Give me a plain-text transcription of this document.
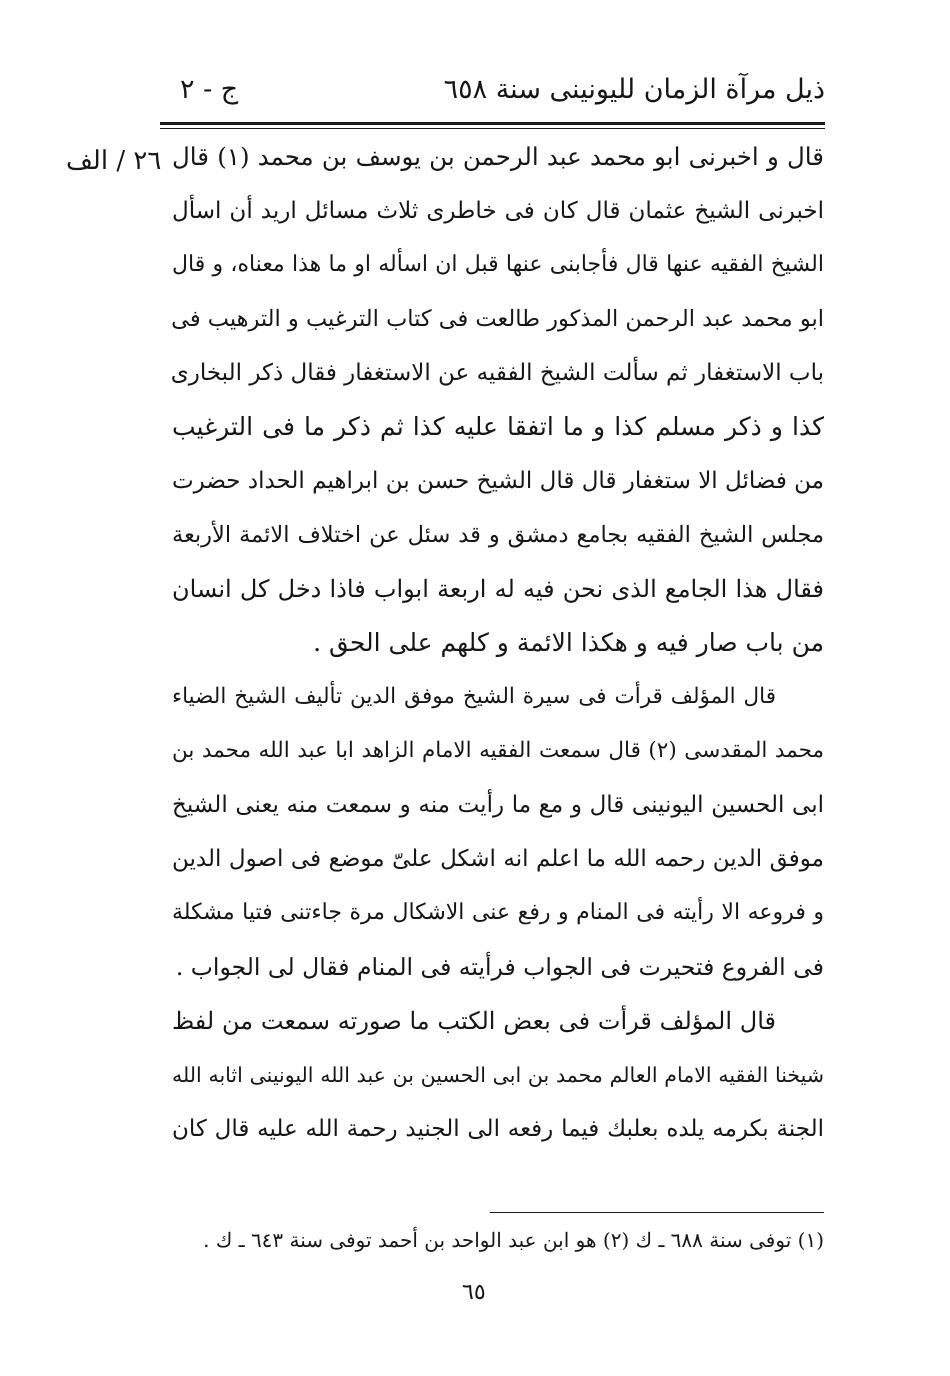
ذيل مرآة الزمان لليونينى سنة ٦٥٨
ج - ٢
٢٦ / الف قال و اخبرنى ابو محمد عبد الرحمن بن يوسف بن محمد (١) قال
اخبرنى الشيخ عثمان قال كان فى خاطرى ثلاث مسائل اريد أن اسأل
الشيخ الفقيه عنها قال فأجابنى عنها قبل ان اسأله او ما هذا معناه، و قال
ابو محمد عبد الرحمن المذكور طالعت فى كتاب الترغيب و الترهيب فى
باب الاستغفار ثم سألت الشيخ الفقيه عن الاستغفار فقال ذكر البخارى
كذا و ذكر مسلم كذا و ما اتفقا عليه كذا ثم ذكر ما فى الترغيب
من فضائل الا ستغفار قال قال الشيخ حسن بن ابراهيم الحداد حضرت
مجلس الشيخ الفقيه بجامع دمشق و قد سئل عن اختلاف الائمة الأربعة
فقال هذا الجامع الذى نحن فيه له اربعة ابواب فاذا دخل كل انسان
من باب صار فيه و هكذا الائمة و كلهم على الحق .
قال المؤلف قرأت فى سيرة الشيخ موفق الدين تأليف الشيخ الضياء
محمد المقدسى (٢) قال سمعت الفقيه الامام الزاهد ابا عبد الله محمد بن
ابى الحسين اليونينى قال و مع ما رأيت منه و سمعت منه يعنى الشيخ
موفق الدين رحمه الله ما اعلم انه اشكل علىّ موضع فى اصول الدين
و فروعه الا رأيته فى المنام و رفع عنى الاشكال مرة جاءتنى فتيا مشكلة
فى الفروع فتحيرت فى الجواب فرأيته فى المنام فقال لى الجواب .
قال المؤلف قرأت فى بعض الكتب ما صورته سمعت من لفظ
شيخنا الفقيه الامام العالم محمد بن ابى الحسين بن عبد الله اليونينى اثابه الله
الجنة بكرمه يلده بعلبك فيما رفعه الى الجنيد رحمة الله عليه قال كان
(١) توفى سنة ٦٨٨ ـ ك (٢) هو ابن عبد الواحد بن أحمد توفى سنة ٦٤٣ ـ ك .
٦٥
